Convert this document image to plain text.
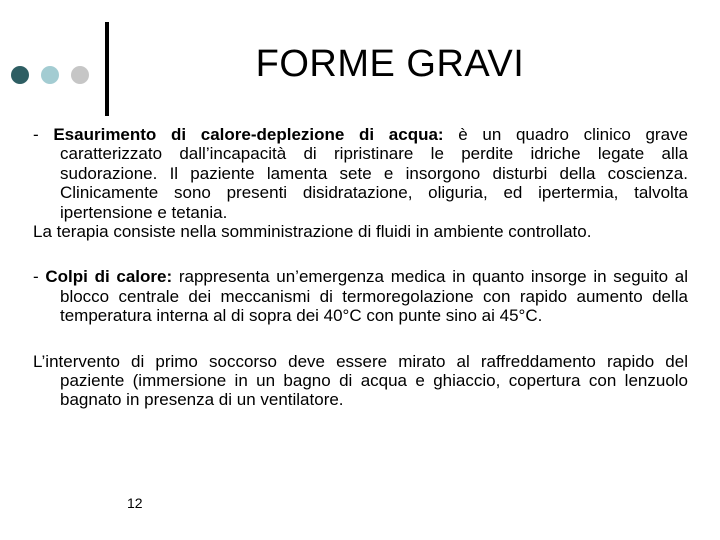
FORME GRAVI

- Esaurimento di calore-deplezione di acqua: è un quadro clinico grave caratterizzato dall’incapacità di ripristinare le perdite idriche legate alla sudorazione. Il paziente lamenta sete e insorgono disturbi della coscienza. Clinicamente sono presenti disidratazione, oliguria, ed ipertermia, talvolta ipertensione e tetania.

La terapia consiste nella somministrazione di fluidi in ambiente controllato.

- Colpi di calore: rappresenta un’emergenza medica in quanto insorge in seguito al blocco centrale dei meccanismi di termoregolazione con rapido aumento della temperatura interna al di sopra dei 40°C con punte sino ai 45°C.

L’intervento di primo soccorso deve essere mirato al raffreddamento rapido del paziente (immersione in un bagno di acqua e ghiaccio, copertura con lenzuolo bagnato in presenza di un ventilatore.

12
